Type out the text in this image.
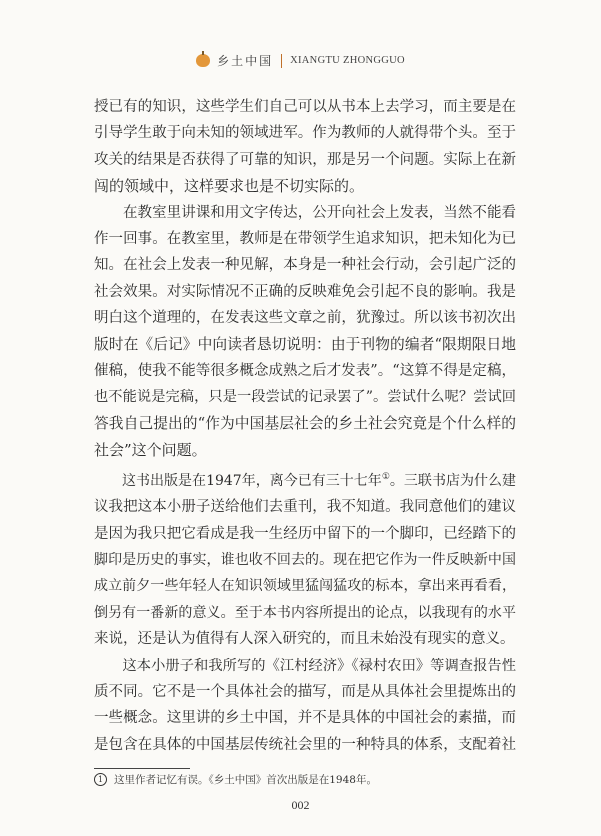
乡土中国 XIANGTU ZHONGGUO
授已有的知识，这些学生们自己可以从书本上去学习，而主要是在
引导学生敢于向未知的领域进军。作为教师的人就得带个头。至于
攻关的结果是否获得了可靠的知识，那是另一个问题。实际上在新
闯的领域中，这样要求也是不切实际的。
在教室里讲课和用文字传达，公开向社会上发表，当然不能看
作一回事。在教室里，教师是在带领学生追求知识，把未知化为已
知。在社会上发表一种见解，本身是一种社会行动，会引起广泛的
社会效果。对实际情况不正确的反映难免会引起不良的影响。我是
明白这个道理的，在发表这些文章之前，犹豫过。所以该书初次出
版时在《后记》中向读者恳切说明：由于刊物的编者“限期限日地
催稿，使我不能等很多概念成熟之后才发表”。“这算不得是定稿，
也不能说是完稿，只是一段尝试的记录罢了”。尝试什么呢？尝试回
答我自己提出的“作为中国基层社会的乡土社会究竟是个什么样的
社会”这个问题。
这书出版是在1947年，离今已有三十七年①。三联书店为什么建
议我把这本小册子送给他们去重刊，我不知道。我同意他们的建议
是因为我只把它看成是我一生经历中留下的一个脚印，已经踏下的
脚印是历史的事实，谁也收不回去的。现在把它作为一件反映新中国
成立前夕一些年轻人在知识领域里猛闯猛攻的标本，拿出来再看看，
倒另有一番新的意义。至于本书内容所提出的论点，以我现有的水平
来说，还是认为值得有人深入研究的，而且未始没有现实的意义。
这本小册子和我所写的《江村经济》《禄村农田》等调查报告性
质不同。它不是一个具体社会的描写，而是从具体社会里提炼出的
一些概念。这里讲的乡土中国，并不是具体的中国社会的素描，而
是包含在具体的中国基层传统社会里的一种特具的体系，支配着社
1	这里作者记忆有误。《乡土中国》首次出版是在1948年。
002
